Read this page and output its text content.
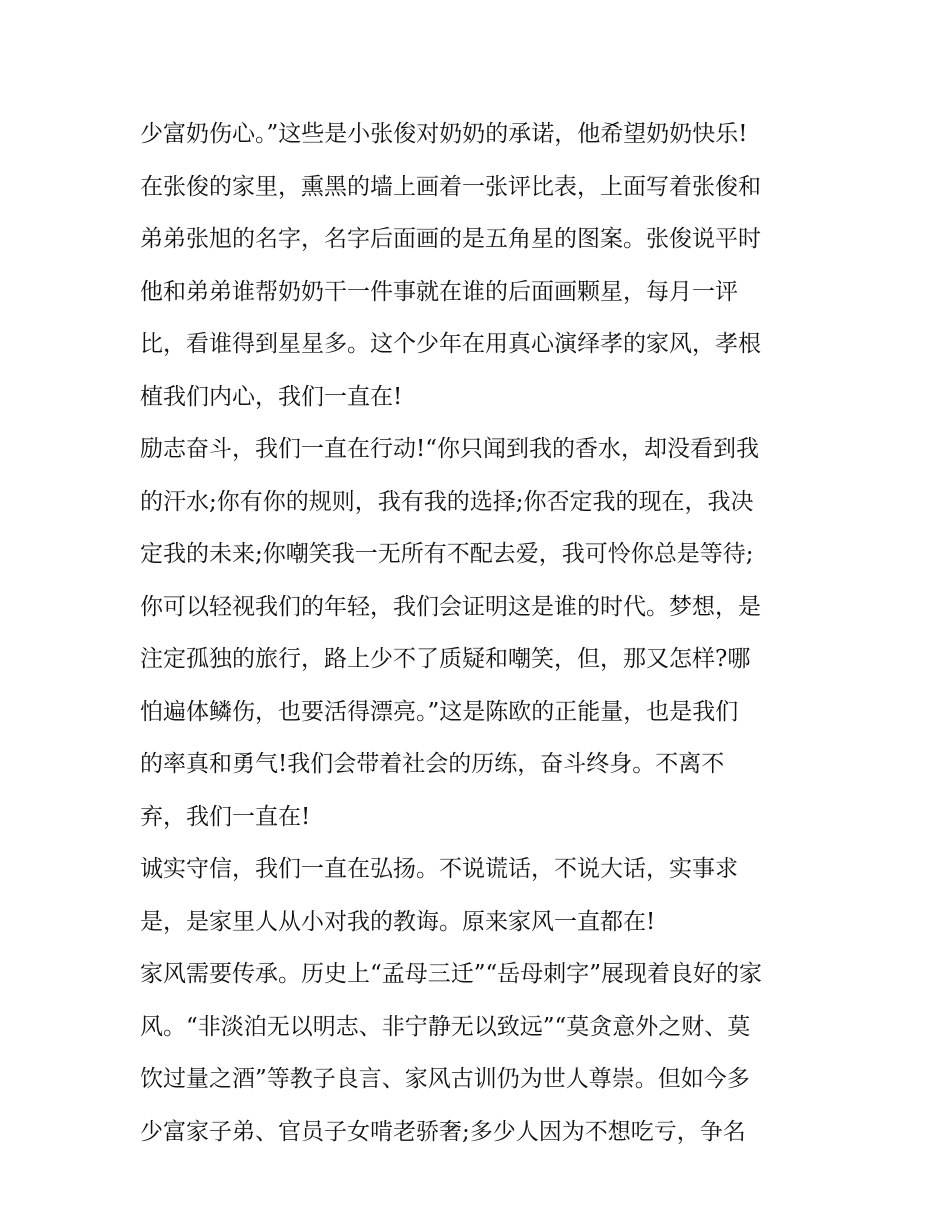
少富奶伤心。”这些是小张俊对奶奶的承诺，他希望奶奶快乐!
在张俊的家里，熏黑的墙上画着一张评比表，上面写着张俊和
弟弟张旭的名字，名字后面画的是五角星的图案。张俊说平时
他和弟弟谁帮奶奶干一件事就在谁的后面画颗星，每月一评
比，看谁得到星星多。这个少年在用真心演绎孝的家风，孝根
植我们内心，我们一直在!
励志奋斗，我们一直在行动!“你只闻到我的香水，却没看到我
的汗水;你有你的规则，我有我的选择;你否定我的现在，我决
定我的未来;你嘲笑我一无所有不配去爱，我可怜你总是等待;
你可以轻视我们的年轻，我们会证明这是谁的时代。梦想，是
注定孤独的旅行，路上少不了质疑和嘲笑，但，那又怎样?哪
怕遍体鳞伤，也要活得漂亮。”这是陈欧的正能量，也是我们
的率真和勇气!我们会带着社会的历练，奋斗终身。不离不
弃，我们一直在!
诚实守信，我们一直在弘扬。不说谎话，不说大话，实事求
是，是家里人从小对我的教诲。原来家风一直都在!
家风需要传承。历史上“孟母三迁”“岳母刺字”展现着良好的家
风。“非淡泊无以明志、非宁静无以致远”“莫贪意外之财、莫
饮过量之酒”等教子良言、家风古训仍为世人尊崇。但如今多
少富家子弟、官员子女啃老骄奢;多少人因为不想吃亏，争名
